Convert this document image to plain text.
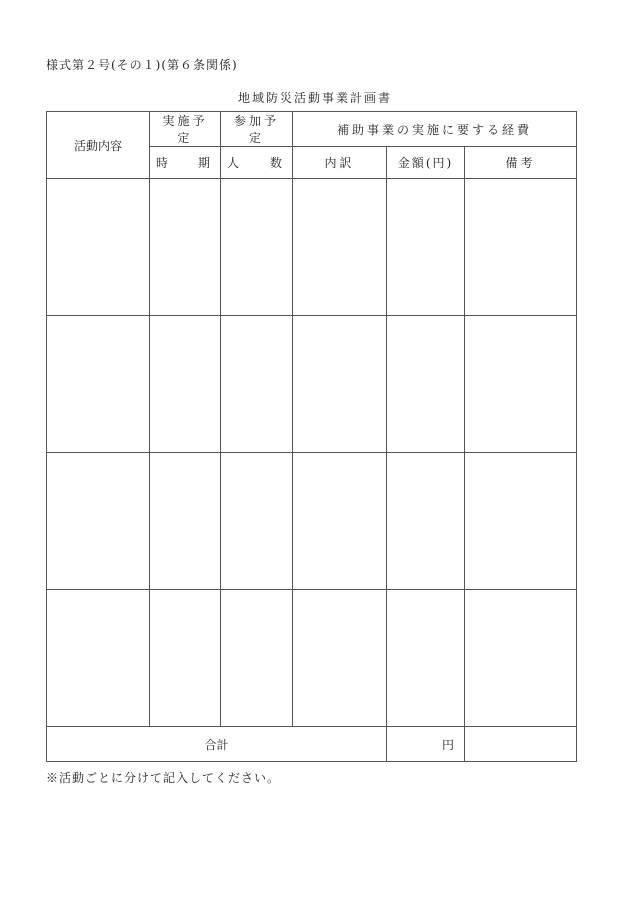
様式第２号(その１)(第６条関係)
地域防災活動事業計画書
活動内容	実施予定	参加予定	補助事業の実施に要する経費		

	時 期	人 数	内訳	金額(円)	備考

合計				円	
※活動ごとに分けて記入してください。
